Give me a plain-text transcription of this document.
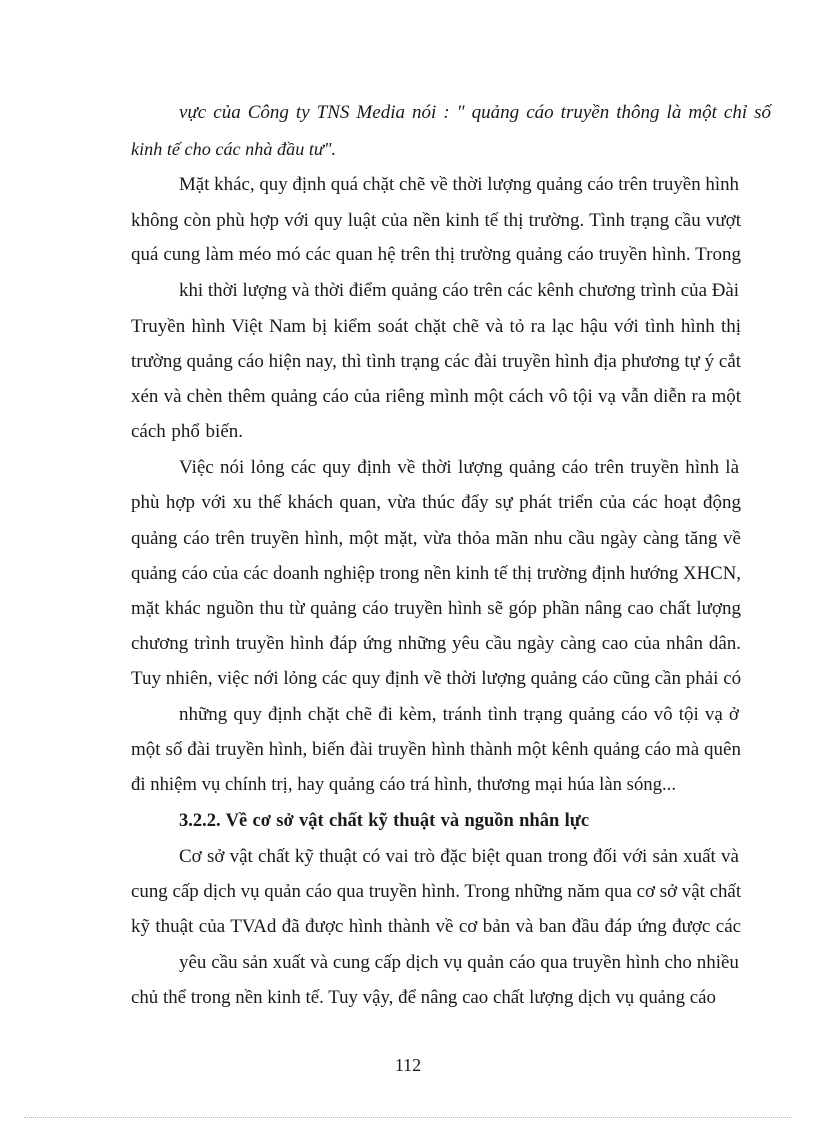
vực của Công ty TNS Media nói : " quảng cáo truyền thông là một chỉ số
kinh tế cho các nhà đầu tư".
Mặt khác, quy định quá chặt chẽ về thời lượng quảng cáo trên truyền hình
không còn phù hợp với quy luật của nền kinh tế thị trường. Tình trạng cầu vượt
quá cung làm méo mó các quan hệ trên thị trường quảng cáo truyền hình. Trong
khi thời lượng và thời điểm quảng cáo trên các kênh chương trình của Đài
Truyền hình Việt Nam bị kiểm soát chặt chẽ và tỏ ra lạc hậu với tình hình thị
trường quảng cáo hiện nay, thì tình trạng các đài truyền hình địa phương tự ý cắt
xén và chèn thêm quảng cáo của riêng mình một cách vô tội vạ vẫn diễn ra một
cách phổ biến.
Việc nói lỏng các quy định về thời lượng quảng cáo trên truyền hình là
phù hợp với xu thế khách quan, vừa thúc đẩy sự phát triển của các hoạt động
quảng cáo trên truyền hình, một mặt, vừa thỏa mãn nhu cầu ngày càng tăng về
quảng cáo của các doanh nghiệp trong nền kinh tế thị trường định hướng XHCN,
mặt khác nguồn thu từ quảng cáo truyền hình sẽ góp phần nâng cao chất lượng
chương trình truyền hình đáp ứng những yêu cầu ngày càng cao của nhân dân.
Tuy nhiên, việc nới lỏng các quy định về thời lượng quảng cáo cũng cần phải có
những quy định chặt chẽ đi kèm, tránh tình trạng quảng cáo vô tội vạ ở
một số đài truyền hình, biến đài truyền hình thành một kênh quảng cáo mà quên
đi nhiệm vụ chính trị, hay quảng cáo trá hình, thương mại húa làn sóng...
3.2.2. Về cơ sở vật chất kỹ thuật và nguồn nhân lực
Cơ sở vật chất kỹ thuật có vai trò đặc biệt quan trong đối với sản xuất và
cung cấp dịch vụ quản cáo qua truyền hình. Trong những năm qua cơ sở vật chất
kỹ thuật của TVAd đã được hình thành về cơ bản và ban đầu đáp ứng được các
yêu cầu sản xuất và cung cấp dịch vụ quản cáo qua truyền hình cho nhiều
chủ thể trong nền kinh tế. Tuy vậy, để nâng cao chất lượng dịch vụ quảng cáo
112
